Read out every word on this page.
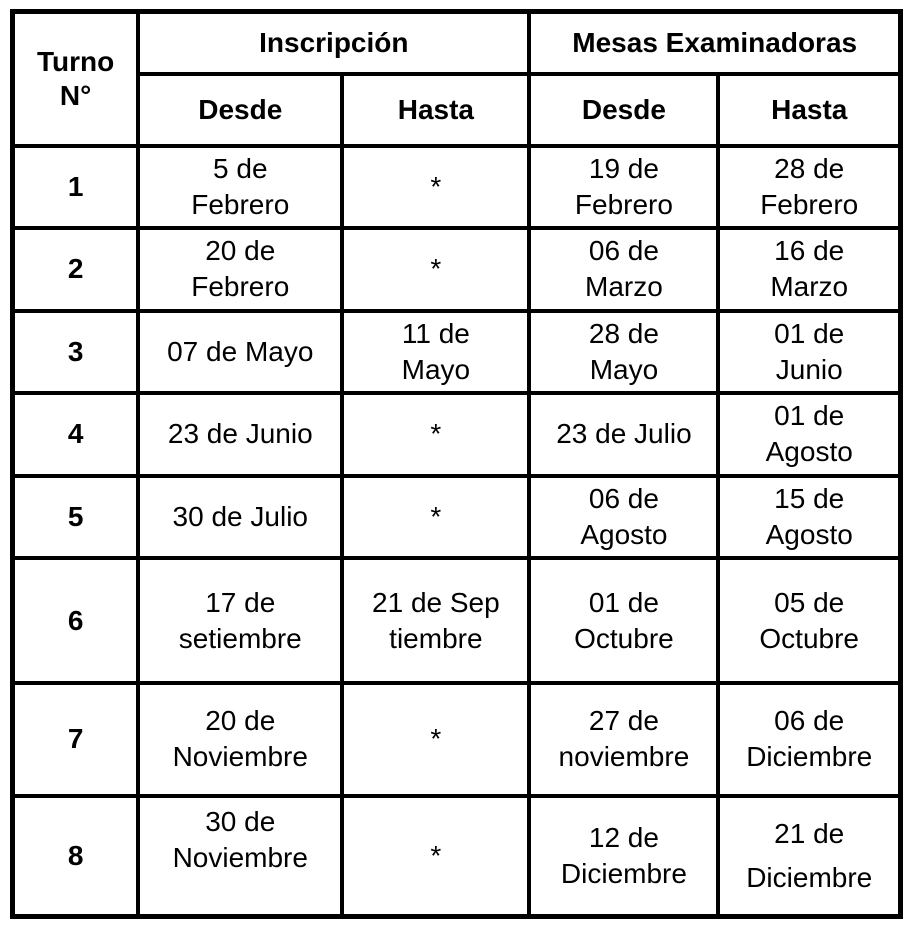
Turno N°	Inscripción		Mesas Examinadoras	
	Desde	Hasta	Desde	Hasta
1	5 de Febrero	*	19 de Febrero	28 de Febrero
2	20 de Febrero	*	06 de Marzo	16 de Marzo
3	07 de Mayo	11 de Mayo	28 de Mayo	01 de Junio
4	23 de Junio	*	23 de Julio	01 de Agosto
5	30 de Julio	*	06 de Agosto	15 de Agosto
6	17 de setiembre	21 de Septiembre	01 de Octubre	05 de Octubre
7	20 de Noviembre	*	27 de noviembre	06 de Diciembre
8	30 de Noviembre	*	12 de Diciembre	21 de Diciembre
